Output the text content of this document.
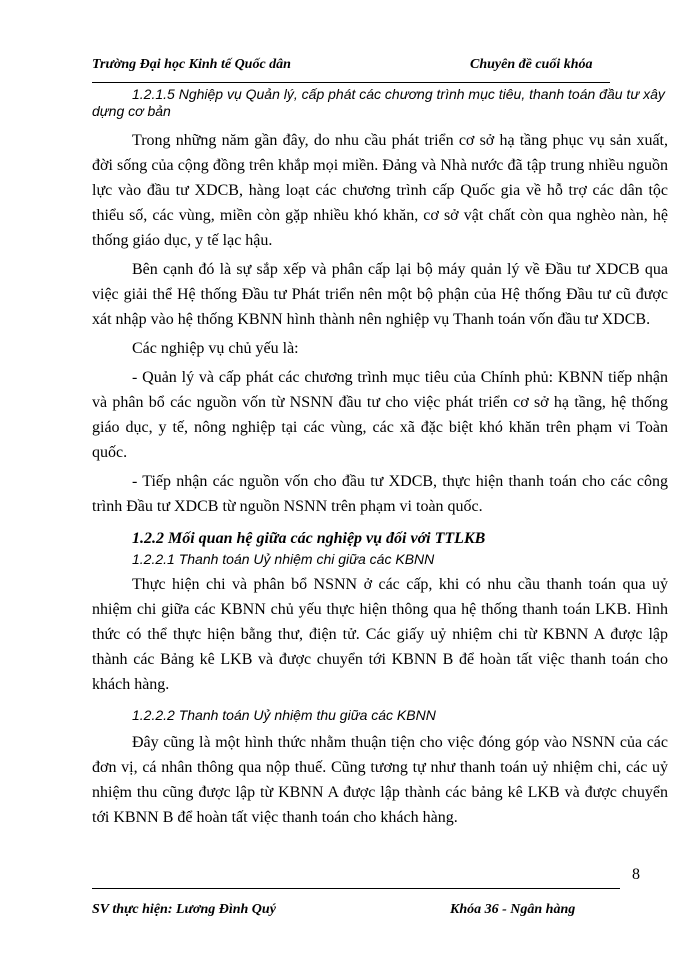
Trường Đại học Kinh tế Quốc dân	Chuyên đề cuối khóa
1.2.1.5 Nghiệp vụ Quản lý, cấp phát các chương trình mục tiêu, thanh toán đầu tư xây dựng cơ bản

Trong những năm gần đây, do nhu cầu phát triển cơ sở hạ tầng phục vụ sản xuất, đời sống của cộng đồng trên khắp mọi miền. Đảng và Nhà nước đã tập trung nhiều nguồn lực vào đầu tư XDCB, hàng loạt các chương trình cấp Quốc gia về hỗ trợ các dân tộc thiểu số, các vùng, miền còn gặp nhiều khó khăn, cơ sở vật chất còn qua nghèo nàn, hệ thống giáo dục, y tế lạc hậu.

Bên cạnh đó là sự sắp xếp và phân cấp lại bộ máy quản lý về Đầu tư XDCB qua việc giải thể Hệ thống Đầu tư Phát triển nên một bộ phận của Hệ thống Đầu tư cũ được xát nhập vào hệ thống KBNN hình thành nên nghiệp vụ Thanh toán vốn đầu tư XDCB.

Các nghiệp vụ chủ yếu là:

- Quản lý và cấp phát các chương trình mục tiêu của Chính phủ: KBNN tiếp nhận và phân bổ các nguồn vốn từ NSNN đầu tư cho việc phát triển cơ sở hạ tầng, hệ thống giáo dục, y tế, nông nghiệp tại các vùng, các xã đặc biệt khó khăn trên phạm vi Toàn quốc.

- Tiếp nhận các nguồn vốn cho đầu tư XDCB, thực hiện thanh toán cho các công trình Đầu tư XDCB từ nguồn NSNN trên phạm vi toàn quốc.

1.2.2 Mối quan hệ giữa các nghiệp vụ đối với TTLKB
1.2.2.1 Thanh toán Uỷ nhiệm chi giữa các KBNN

Thực hiện chi và phân bổ NSNN ở các cấp, khi có nhu cầu thanh toán qua uỷ nhiệm chi giữa các KBNN chủ yếu thực hiện thông qua hệ thống thanh toán LKB. Hình thức có thể thực hiện bằng thư, điện tử. Các giấy uỷ nhiệm chi từ KBNN A được lập thành các Bảng kê LKB và được chuyển tới KBNN B để hoàn tất việc thanh toán cho khách hàng.

1.2.2.2 Thanh toán Uỷ nhiệm thu giữa các KBNN

Đây cũng là một hình thức nhằm thuận tiện cho việc đóng góp vào NSNN của các đơn vị, cá nhân thông qua nộp thuế. Cũng tương tự như thanh toán uỷ nhiệm chi, các uỷ nhiệm thu cũng được lập từ KBNN A được lập thành các bảng kê LKB và được chuyển tới KBNN B để hoàn tất việc thanh toán cho khách hàng.

8
SV thực hiện: Lương Đình Quý	Khóa 36 - Ngân hàng
